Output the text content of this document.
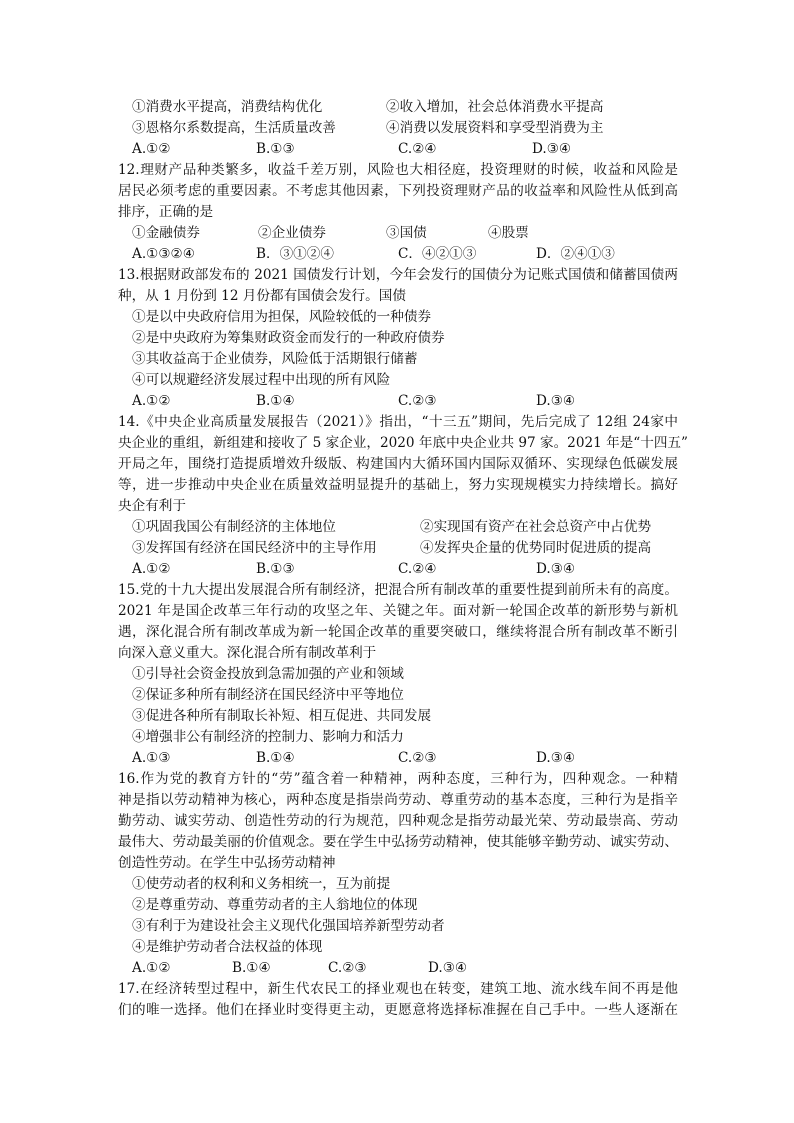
①消费水平提高，消费结构优化	②收入增加，社会总体消费水平提高
③恩格尔系数提高，生活质量改善	④消费以发展资料和享受型消费为主
A.①②	B.①③	C.②④	D.③④
12.理财产品种类繁多，收益千差万别，风险也大相径庭，投资理财的时候，收益和风险是
居民必须考虑的重要因素。不考虑其他因素，下列投资理财产品的收益率和风险性从低到高
排序，正确的是
①金融债券	②企业债券	③国债	④股票
A.①③②④	B．③①②④	C．④②①③	D．②④①③
13.根据财政部发布的 2021 国债发行计划，今年会发行的国债分为记账式国债和储蓄国债两
种，从 1 月份到 12 月份都有国债会发行。国债
①是以中央政府信用为担保，风险较低的一种债券
②是中央政府为筹集财政资金而发行的一种政府债券
③其收益高于企业债券，风险低于活期银行储蓄
④可以规避经济发展过程中出现的所有风险
A.①②	B.①④	C.②③	D.③④
14.《中央企业高质量发展报告（2021）》指出，“十三五”期间，先后完成了 12组 24家中
央企业的重组，新组建和接收了 5 家企业，2020 年底中央企业共 97 家。2021 年是“十四五”
开局之年，围绕打造提质增效升级版、构建国内大循环国内国际双循环、实现绿色低碳发展
等，进一步推动中央企业在质量效益明显提升的基础上，努力实现规模实力持续增长。搞好
央企有利于
①巩固我国公有制经济的主体地位	②实现国有资产在社会总资产中占优势
③发挥国有经济在国民经济中的主导作用	④发挥央企量的优势同时促进质的提高
A.①②	B.①③	C.②④	D.③④
15.党的十九大提出发展混合所有制经济，把混合所有制改革的重要性提到前所未有的高度。
2021 年是国企改革三年行动的攻坚之年、关键之年。面对新一轮国企改革的新形势与新机
遇，深化混合所有制改革成为新一轮国企改革的重要突破口，继续将混合所有制改革不断引
向深入意义重大。深化混合所有制改革利于
①引导社会资金投放到急需加强的产业和领域
②保证多种所有制经济在国民经济中平等地位
③促进各种所有制取长补短、相互促进、共同发展
④增强非公有制经济的控制力、影响力和活力
A.①③	B.①④	C.②③	D.③④
16.作为党的教育方针的“劳”蕴含着一种精神，两种态度，三种行为，四种观念。一种精
神是指以劳动精神为核心，两种态度是指崇尚劳动、尊重劳动的基本态度，三种行为是指辛
勤劳动、诚实劳动、创造性劳动的行为规范，四种观念是指劳动最光荣、劳动最崇高、劳动
最伟大、劳动最美丽的价值观念。要在学生中弘扬劳动精神，使其能够辛勤劳动、诚实劳动、
创造性劳动。在学生中弘扬劳动精神
①使劳动者的权利和义务相统一，互为前提
②是尊重劳动、尊重劳动者的主人翁地位的体现
③有利于为建设社会主义现代化强国培养新型劳动者
④是维护劳动者合法权益的体现
A.①②	B.①④	C.②③	D.③④
17.在经济转型过程中，新生代农民工的择业观也在转变，建筑工地、流水线车间不再是他
们的唯一选择。他们在择业时变得更主动，更愿意将选择标准握在自己手中。一些人逐渐在
